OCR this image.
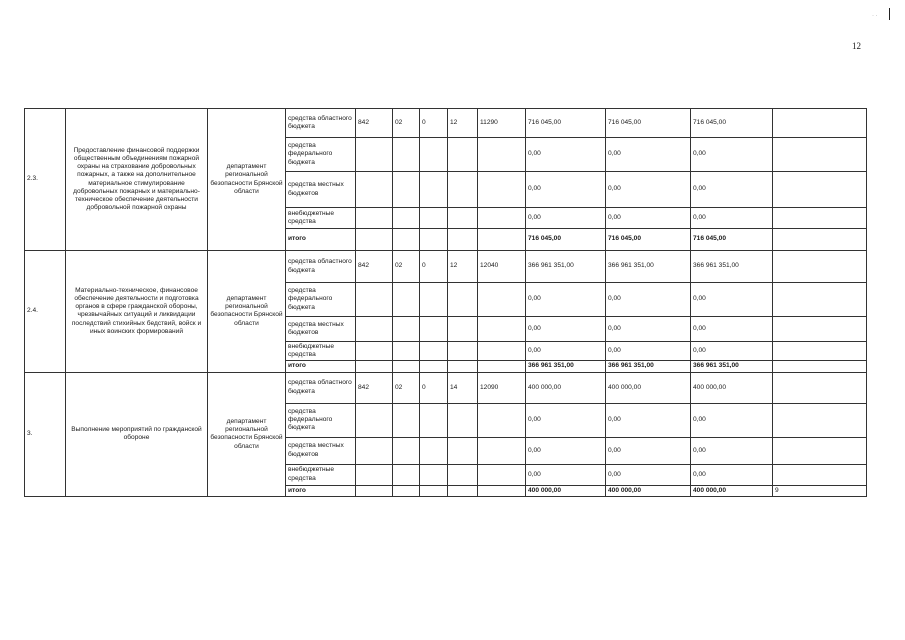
· ·
12
2.3.	Предоставление финансовой поддержки общественным объединениям пожарной охраны на страхование добровольных пожарных, а также на дополнительное материальное стимулирование добровольных пожарных и материально-техническое обеспечение деятельности добровольной пожарной охраны	департамент региональной безопасности Брянской области	средства областного бюджета	842	02	0	12	11290	716 045,00	716 045,00	716 045,00	
			средства федерального бюджета						0,00	0,00	0,00	
			средства местных бюджетов						0,00	0,00	0,00	
			внебюджетные средства						0,00	0,00	0,00	
			итого						716 045,00	716 045,00	716 045,00	
2.4.	Материально-техническое, финансовое обеспечение деятельности и подготовка органов в сфере гражданской обороны, чрезвычайных ситуаций и ликвидации последствий стихийных бедствий, войск и иных воинских формирований	департамент региональной безопасности Брянской области	средства областного бюджета	842	02	0	12	12040	366 961 351,00	366 961 351,00	366 961 351,00	
			средства федерального бюджета						0,00	0,00	0,00	
			средства местных бюджетов						0,00	0,00	0,00	
			внебюджетные средства						0,00	0,00	0,00	
			итого						366 961 351,00	366 961 351,00	366 961 351,00	
3.	Выполнение мероприятий по гражданской обороне	департамент региональной безопасности Брянской области	средства областного бюджета	842	02	0	14	12090	400 000,00	400 000,00	400 000,00	
			средства федерального бюджета						0,00	0,00	0,00	
			средства местных бюджетов						0,00	0,00	0,00	
			внебюджетные средства						0,00	0,00	0,00	
			итого						400 000,00	400 000,00	400 000,00	9
